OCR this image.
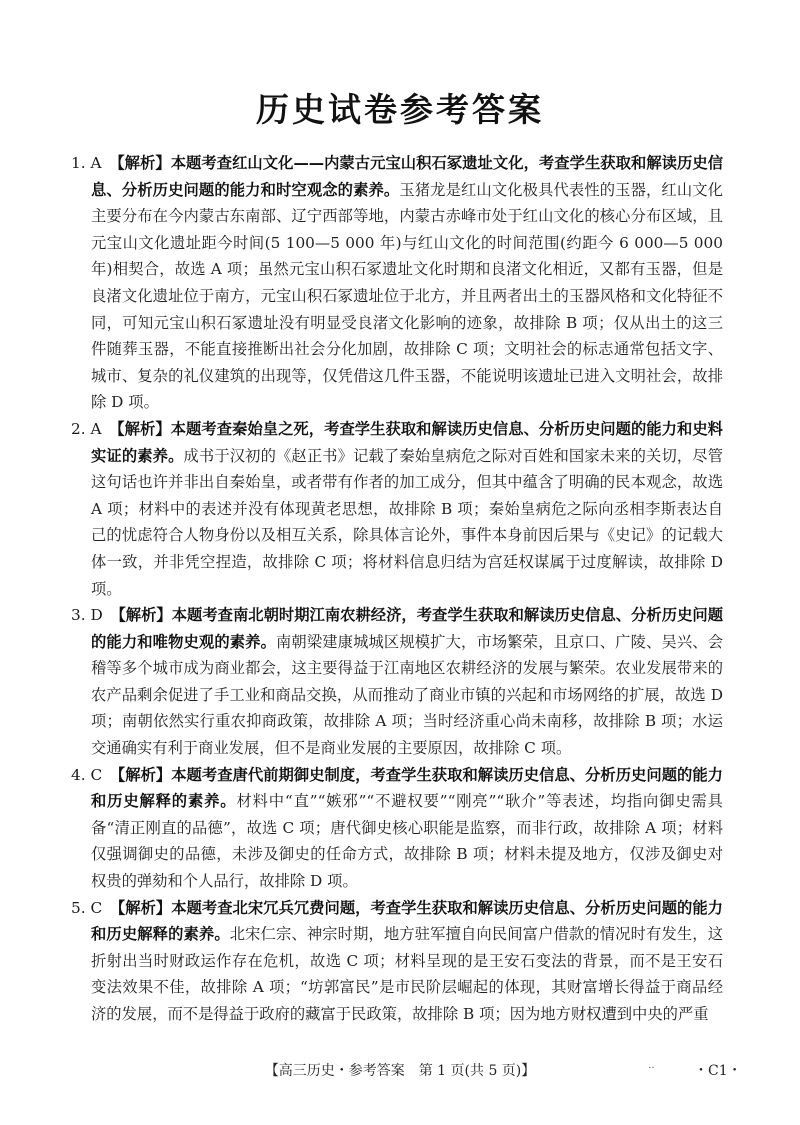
历史试卷参考答案

1. A　 【解析】本题考查红山文化——内蒙古元宝山积石冢遗址文化，考查学生获取和解读历史信息、分析历史问题的能力和时空观念的素养。玉猪龙是红山文化极具代表性的玉器，红山文化主要分布在今内蒙古东南部、辽宁西部等地，内蒙古赤峰市处于红山文化的核心分布区域，且元宝山文化遗址距今时间(5 100—5 000 年)与红山文化的时间范围(约距今 6 000—5 000 年)相契合，故选 A 项；虽然元宝山积石冢遗址文化时期和良渚文化相近，又都有玉器，但是良渚文化遗址位于南方，元宝山积石冢遗址位于北方，并且两者出土的玉器风格和文化特征不同，可知元宝山积石冢遗址没有明显受良渚文化影响的迹象，故排除 B 项；仅从出土的这三件随葬玉器，不能直接推断出社会分化加剧，故排除 C 项；文明社会的标志通常包括文字、城市、复杂的礼仪建筑的出现等，仅凭借这几件玉器，不能说明该遗址已进入文明社会，故排除 D 项。

2. A　 【解析】本题考查秦始皇之死，考查学生获取和解读历史信息、分析历史问题的能力和史料实证的素养。成书于汉初的《赵正书》记载了秦始皇病危之际对百姓和国家未来的关切，尽管这句话也许并非出自秦始皇，或者带有作者的加工成分，但其中蕴含了明确的民本观念，故选 A 项；材料中的表述并没有体现黄老思想，故排除 B 项；秦始皇病危之际向丞相李斯表达自己的忧虑符合人物身份以及相互关系，除具体言论外，事件本身前因后果与《史记》的记载大体一致，并非凭空捏造，故排除 C 项；将材料信息归结为宫廷权谋属于过度解读，故排除 D 项。

3. D　 【解析】本题考查南北朝时期江南农耕经济，考查学生获取和解读历史信息、分析历史问题的能力和唯物史观的素养。南朝梁建康城城区规模扩大，市场繁荣，且京口、广陵、吴兴、会稽等多个城市成为商业都会，这主要得益于江南地区农耕经济的发展与繁荣。农业发展带来的农产品剩余促进了手工业和商品交换，从而推动了商业市镇的兴起和市场网络的扩展，故选 D 项；南朝依然实行重农抑商政策，故排除 A 项；当时经济重心尚未南移，故排除 B 项；水运交通确实有利于商业发展，但不是商业发展的主要原因，故排除 C 项。

4. C　 【解析】本题考查唐代前期御史制度，考查学生获取和解读历史信息、分析历史问题的能力和历史解释的素养。材料中“直”“嫉邪”“不避权要”“刚亮”“耿介”等表述，均指向御史需具备“清正刚直的品德”，故选 C 项；唐代御史核心职能是监察，而非行政，故排除 A 项；材料仅强调御史的品德，未涉及御史的任命方式，故排除 B 项；材料未提及地方，仅涉及御史对权贵的弹劾和个人品行，故排除 D 项。

5. C　 【解析】本题考查北宋冗兵冗费问题，考查学生获取和解读历史信息、分析历史问题的能力和历史解释的素养。北宋仁宗、神宗时期，地方驻军擅自向民间富户借款的情况时有发生，这折射出当时财政运作存在危机，故选 C 项；材料呈现的是王安石变法的背景，而不是王安石变法效果不佳，故排除 A 项；“坊郭富民”是市民阶层崛起的体现，其财富增长得益于商品经济的发展，而不是得益于政府的藏富于民政策，故排除 B 项；因为地方财权遭到中央的严重

【高三历史・参考答案　第 1 页(共 5 页)】	‥	・C1・
